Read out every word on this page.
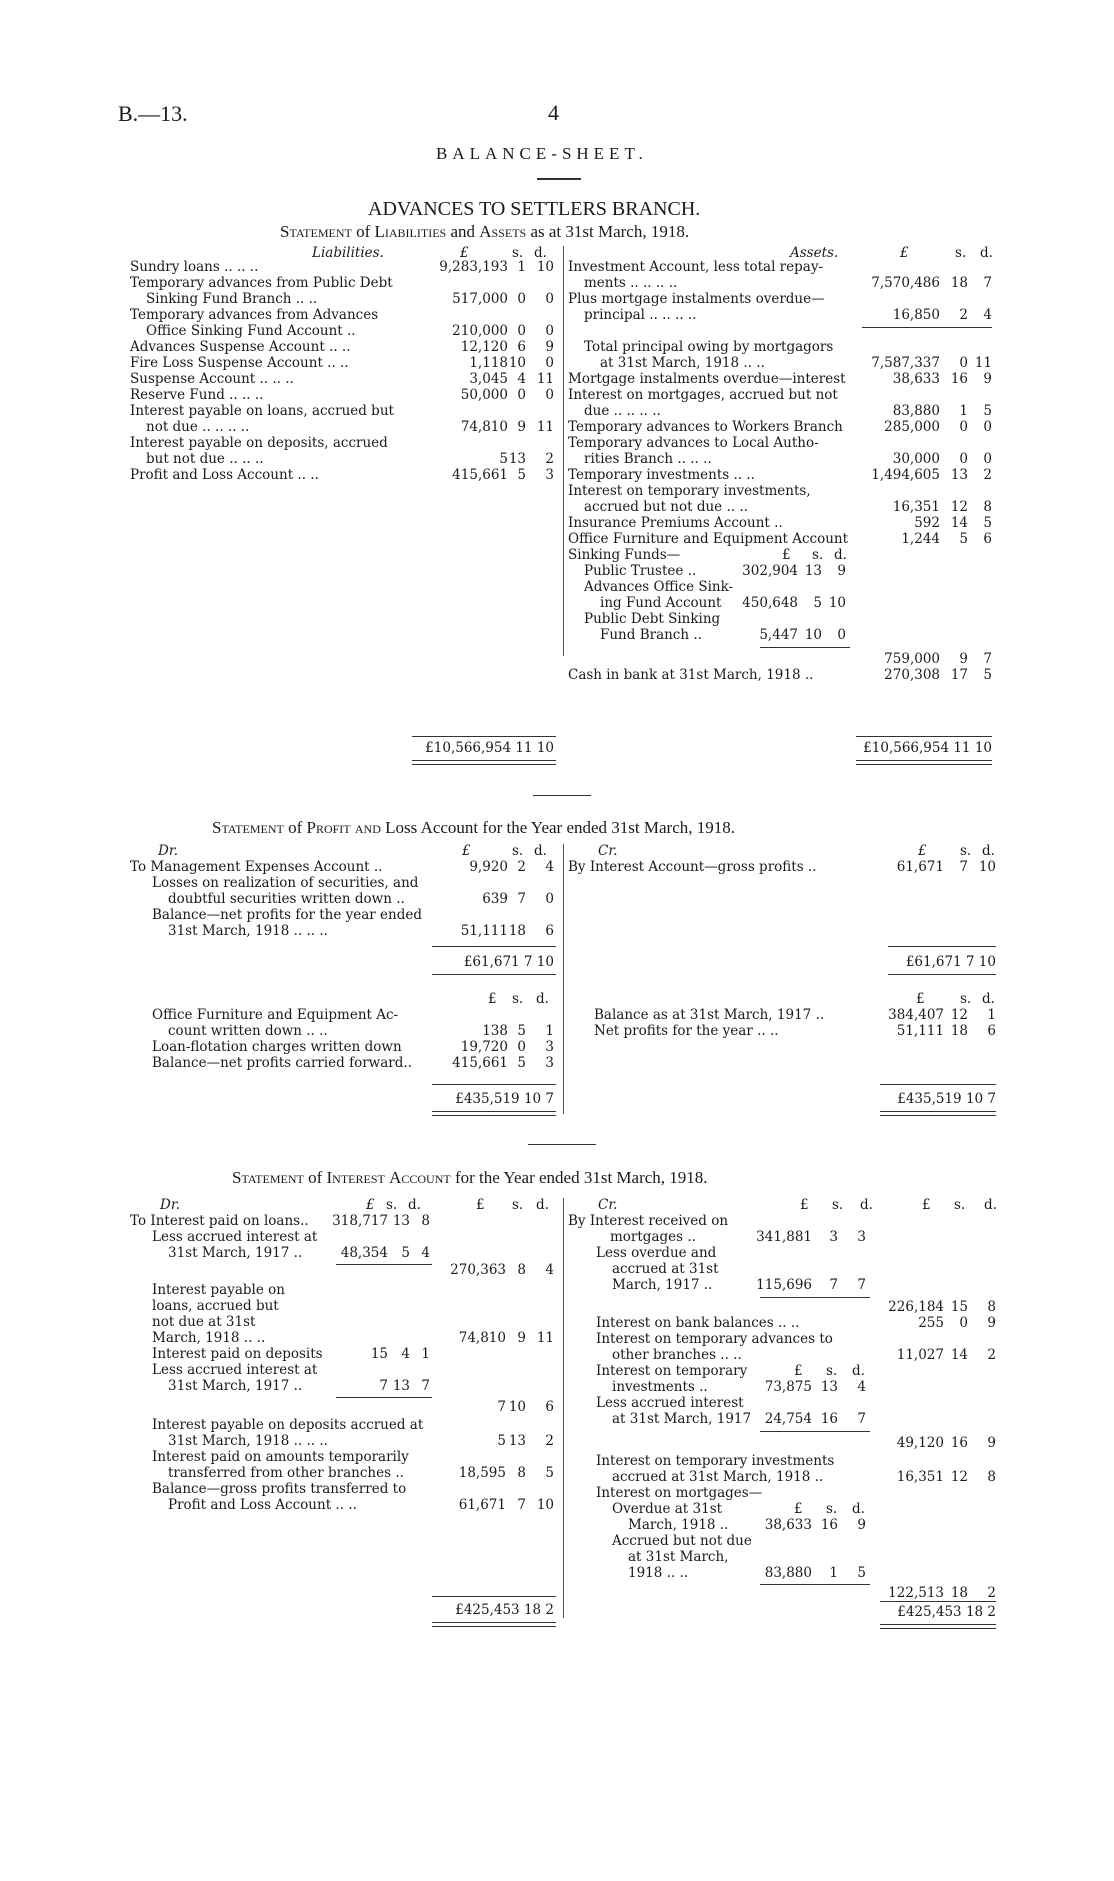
B.—13.	4
BALANCE-SHEET.
ADVANCES TO SETTLERS BRANCH.
Statement of Liabilities and Assets as at 31st March, 1918.
Liabilities.	£	s. d.
Sundry loans .. .. ..	9,283,193 1 10
Temporary advances from Public Debt
Sinking Fund Branch .. ..	517,000 0	0
Temporary advances from Advances
Office Sinking Fund Account ..	210,000 0	0
Advances Suspense Account .. ..	12,120 6	9
Fire Loss Suspense Account .. ..	1,118 10	0
Suspense Account .. .. ..	3,045 4 11
Reserve Fund .. .. ..	50,000 0	0
Interest payable on loans, accrued but
not due .. .. .. ..	74,810 9 11
Interest payable on deposits, accrued
but not due .. .. ..	5 13	2
Profit and Loss Account .. ..	415,661 5	3
£10,566,954 11 10
Assets.	£	s. d.
Investment Account, less total repay-
ments .. .. .. ..	7,570,486 18	7
Plus mortgage instalments overdue—
principal .. .. .. ..	16,850	2	4
Total principal owing by mortgagors
at 31st March, 1918 .. ..	7,587,337	0 11
Mortgage instalments overdue—interest	38,633 16	9
Interest on mortgages, accrued but not
due .. .. .. ..	83,880	1	5
Temporary advances to Workers Branch	285,000	0	0
Temporary advances to Local Autho-
rities Branch .. .. ..	30,000	0	0
Temporary investments .. ..	1,494,605 13	2
Interest on temporary investments,
accrued but not due .. ..	16,351 12	8
Insurance Premiums Account ..	592 14	5
Office Furniture and Equipment Account	1,244	5	6
Sinking Funds—	£ s. d.
Public Trustee ..	302,904 13	9
Advances Office Sink-
ing Fund Account	450,648	5 10
Public Debt Sinking
Fund Branch ..	5,447 10	0
759,000	9	7
Cash in bank at 31st March, 1918 ..	270,308 17	5
£10,566,954 11 10
Statement of Profit and Loss Account for the Year ended 31st March, 1918.
Dr.	£	s. d.	Cr.	£ s. d.
To Management Expenses Account ..	9,920 2	4
Losses on realization of securities, and
doubtful securities written down ..	639 7	0
Balance—net profits for the year ended
31st March, 1918 .. .. ..	51,111 18	6
By Interest Account—gross profits ..	61,671	7 10
£61,671 7 10	£61,671 7 10
£ s. d.	£	s. d.
Office Furniture and Equipment Ac-
count written down .. ..	138 5	1
Loan-flotation charges written down	19,720 0	3
Balance—net profits carried forward..	415,661 5	3
Balance as at 31st March, 1917 ..	384,407 12	1
Net profits for the year .. ..	51,111 18	6
£435,519 10 7	£435,519 10 7
Statement of Interest Account for the Year ended 31st March, 1918.
Dr.	£ s. d.	£ s. d.	Cr.	£ s. d.	£ s. d.
To Interest paid on loans.. 318,717 13 8
Less accrued interest at
31st March, 1917 ..	48,354 5 4
270,363 8	4
Interest payable on
loans, accrued but
not due at 31st
March, 1918 .. ..	74,810 9 11
Interest paid on deposits	15 4 1
Less accrued interest at
31st March, 1917 ..	7 13 7
7 10	6
Interest payable on deposits accrued at
31st March, 1918 .. .. ..	5 13	2
Interest paid on amounts temporarily
transferred from other branches ..	18,595 8	5
Balance—gross profits transferred to
Profit and Loss Account .. ..	61,671 7 10
By Interest received on
mortgages ..	341,881	3	3
Less overdue and
accrued at 31st
March, 1917 ..	115,696	7	7
226,184 15	8
Interest on bank balances .. ..	255	0	9
Interest on temporary advances to
other branches .. ..	11,027 14	2
Interest on temporary	£ s. d.
investments ..	73,875 13	4
Less accrued interest
at 31st March, 1917	24,754 16	7
49,120 16	9
Interest on temporary investments
accrued at 31st March, 1918 ..	16,351 12	8
Interest on mortgages—
Overdue at 31st	£ s. d.
March, 1918 ..	38,633 16	9
Accrued but not due
at 31st March,
1918 .. ..	83,880	1	5
122,513 18	2
£425,453 18 2	£425,453 18 2
